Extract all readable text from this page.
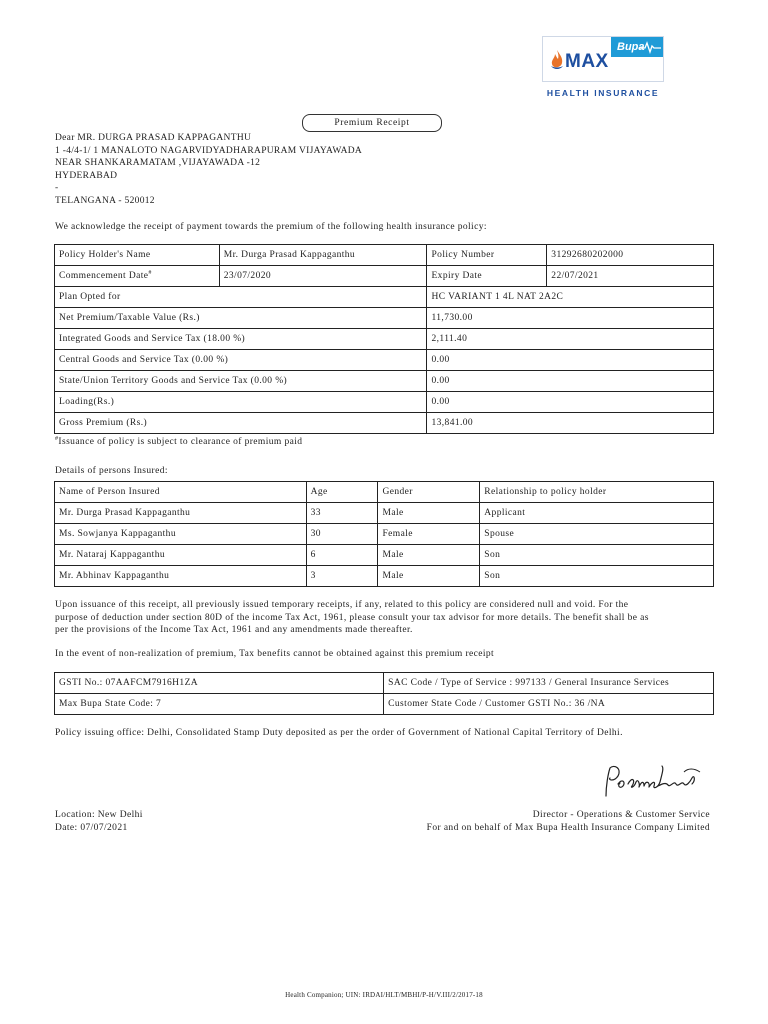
MAX
Bupa
HEALTH INSURANCE
Premium Receipt
Dear MR. DURGA PRASAD KAPPAGANTHU
1 -4/4-1/ 1 MANALOTO NAGARVIDYADHARAPURAM VIJAYAWADA
NEAR SHANKARAMATAM ,VIJAYAWADA -12
HYDERABAD
-
TELANGANA - 520012
We acknowledge the receipt of payment towards the premium of the following health insurance policy:
Policy Holder's Name	Mr. Durga Prasad Kappaganthu	Policy Number	31292680202000
Commencement Date#	23/07/2020	Expiry Date	22/07/2021
Plan Opted for		HC VARIANT 1 4L NAT 2A2C	
Net Premium/Taxable Value (Rs.)		11,730.00	
Integrated Goods and Service Tax (18.00 %)		2,111.40	
Central Goods and Service Tax (0.00 %)		0.00	
State/Union Territory Goods and Service Tax (0.00 %)		0.00	
Loading(Rs.)		0.00	
Gross Premium (Rs.)		13,841.00	
#Issuance of policy is subject to clearance of premium paid
Details of persons Insured:
Name of Person Insured	Age	Gender	Relationship to policy holder
Mr. Durga Prasad Kappaganthu	33	Male	Applicant
Ms. Sowjanya Kappaganthu	30	Female	Spouse
Mr. Nataraj Kappaganthu	6	Male	Son
Mr. Abhinav Kappaganthu	3	Male	Son
Upon issuance of this receipt, all previously issued temporary receipts, if any, related to this policy are considered null and void. For the
purpose of deduction under section 80D of the income Tax Act, 1961, please consult your tax advisor for more details. The benefit shall be as
per the provisions of the Income Tax Act, 1961 and any amendments made thereafter.
In the event of non-realization of premium, Tax benefits cannot be obtained against this premium receipt
GSTI No.: 07AAFCM7916H1ZA	SAC Code / Type of Service : 997133 / General Insurance Services
Max Bupa State Code: 7	Customer State Code / Customer GSTI No.: 36 /NA
Policy issuing office: Delhi, Consolidated Stamp Duty deposited as per the order of Government of National Capital Territory of Delhi.
Location: New Delhi
Date: 07/07/2021
Director - Operations & Customer Service
For and on behalf of Max Bupa Health Insurance Company Limited
Health Companion; UIN: IRDAI/HLT/MBHI/P-H/V.III/2/2017-18
